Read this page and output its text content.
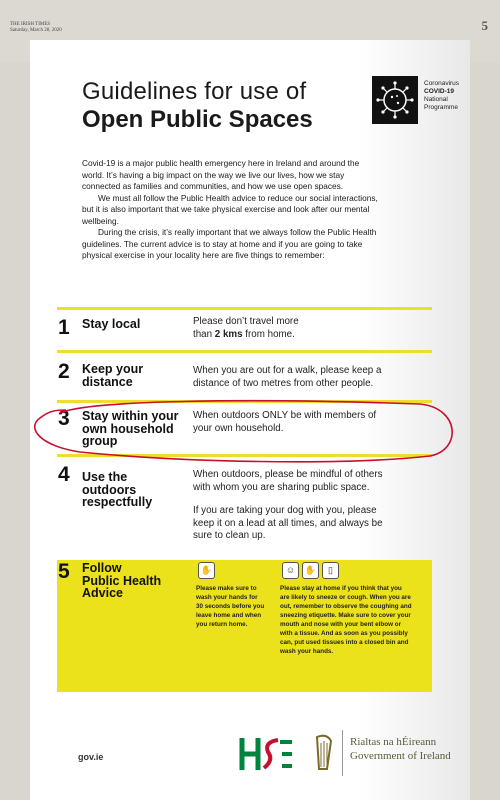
THE IRISH TIMES
Saturday, March 28, 2020	5
Guidelines for use of
Open Public Spaces
Coronavirus
COVID-19
National
Programme

Covid-19 is a major public health emergency here in Ireland and around the world. It’s having a big impact on the way we live our lives, how we stay connected as families and communities, and how we use open spaces.

We must all follow the Public Health advice to reduce our social interactions, but it is also important that we take physical exercise and look after our mental wellbeing.

During the crisis, it’s really important that we always follow the Public Health guidelines. The current advice is to stay at home and if you are going to take physical exercise in your locality here are five things to remember:

1 Stay local	Please don’t travel more
than 2 kms from home.
2 Keep your
distance
When you are out for a walk, please keep a
distance of two metres from other people.
3 Stay within your
own household
group
When outdoors ONLY be with members of
your own household.
4 Use the
outdoors
respectfully
When outdoors, please be mindful of others
with whom you are sharing public space.
If you are taking your dog with you, please
keep it on a lead at all times, and always be
sure to clean up.
5 Follow
Public Health
Advice
✋	☺	✋	▯
Please make sure to
wash your hands for
30 seconds before you
leave home and when
you return home.
Please stay at home if you think that you
are likely to sneeze or cough. When you are
out, remember to observe the coughing and
sneezing etiquette. Make sure to cover your
mouth and nose with your bent elbow or
with a tissue. And as soon as you possibly
can, put used tissues into a closed bin and
wash your hands.
gov.ie
Rialtas na hÉireann
Government of Ireland
